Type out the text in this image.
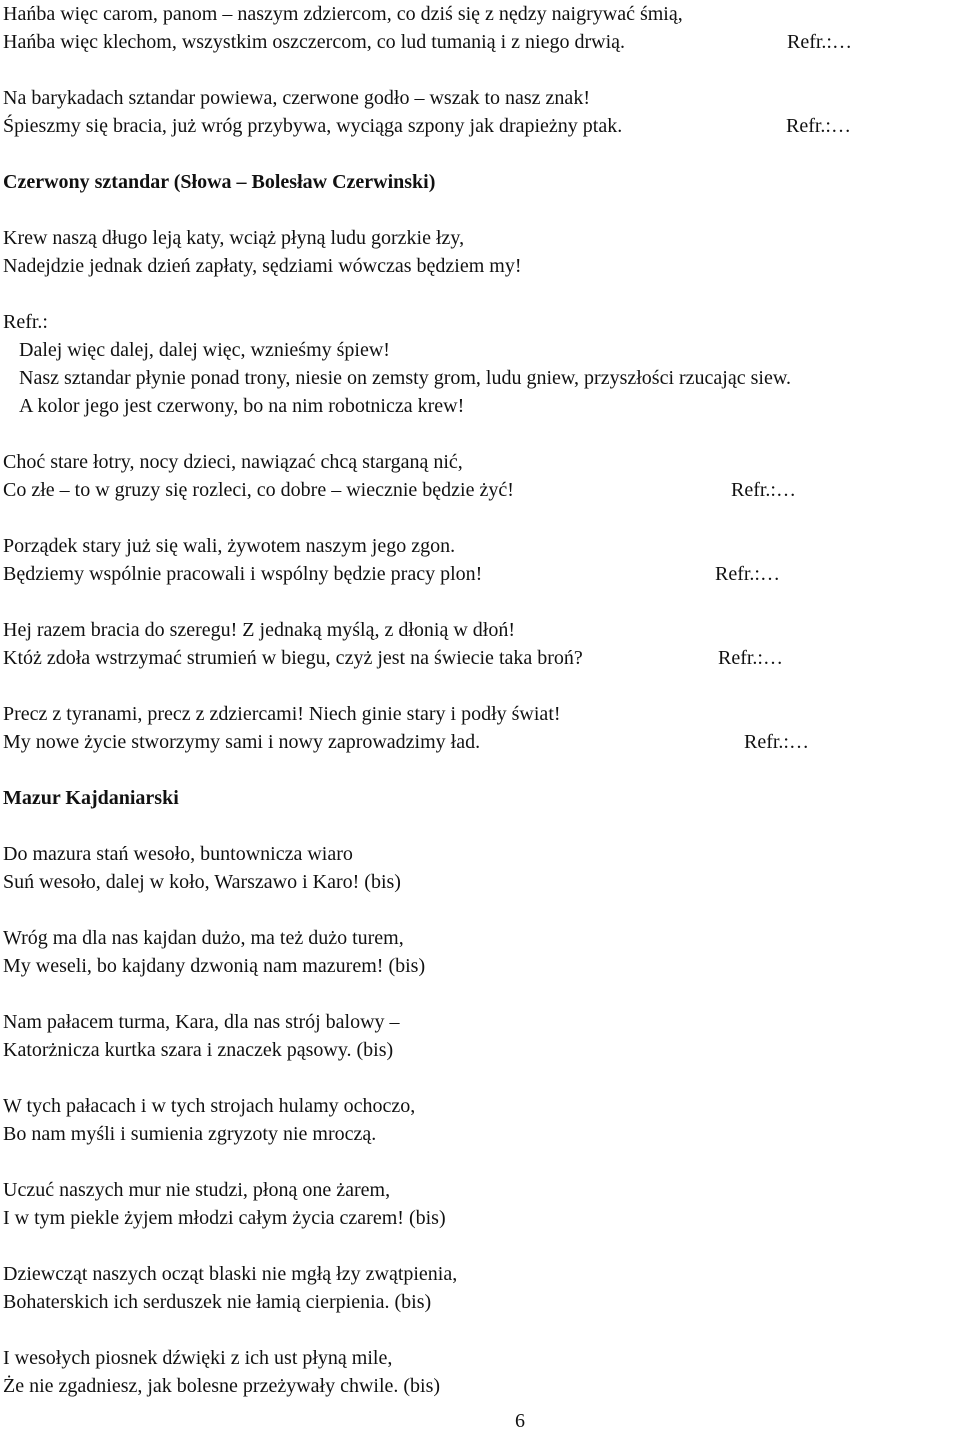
Hańba więc carom, panom – naszym zdziercom, co dziś się z nędzy naigrywać śmią,
Hańba więc klechom, wszystkim oszczercom, co lud tumanią i z niego drwią.	Refr.:…
Na barykadach sztandar powiewa, czerwone godło – wszak to nasz znak!
Śpieszmy się bracia, już wróg przybywa, wyciąga szpony jak drapieżny ptak.	Refr.:…
Czerwony sztandar (Słowa – Bolesław Czerwinski)
Krew naszą długo leją katy, wciąż płyną ludu gorzkie łzy,
Nadejdzie jednak dzień zapłaty, sędziami wówczas będziem my!
Refr.:
Dalej więc dalej, dalej więc, wznieśmy śpiew!
Nasz sztandar płynie ponad trony, niesie on zemsty grom, ludu gniew, przyszłości rzucając siew.
A kolor jego jest czerwony, bo na nim robotnicza krew!
Choć stare łotry, nocy dzieci, nawiązać chcą starganą nić,
Co złe – to w gruzy się rozleci, co dobre – wiecznie będzie żyć!	Refr.:…
Porządek stary już się wali, żywotem naszym jego zgon.
Będziemy wspólnie pracowali i wspólny będzie pracy plon!	Refr.:…
Hej razem bracia do szeregu! Z jednaką myślą, z dłonią w dłoń!
Któż zdoła wstrzymać strumień w biegu, czyż jest na świecie taka broń?	Refr.:…
Precz z tyranami, precz z zdziercami! Niech ginie stary i podły świat!
My nowe życie stworzymy sami i nowy zaprowadzimy ład.	Refr.:…
Mazur Kajdaniarski
Do mazura stań wesoło, buntownicza wiaro
Suń wesoło, dalej w koło, Warszawo i Karo! (bis)
Wróg ma dla nas kajdan dużo, ma też dużo turem,
My weseli, bo kajdany dzwonią nam mazurem! (bis)
Nam pałacem turma, Kara, dla nas strój balowy –
Katorżnicza kurtka szara i znaczek pąsowy. (bis)
W tych pałacach i w tych strojach hulamy ochoczo,
Bo nam myśli i sumienia zgryzoty nie mroczą.
Uczuć naszych mur nie studzi, płoną one żarem,
I w tym piekle żyjem młodzi całym życia czarem! (bis)
Dziewcząt naszych ocząt blaski nie mgłą łzy zwątpienia,
Bohaterskich ich serduszek nie łamią cierpienia. (bis)
I wesołych piosnek dźwięki z ich ust płyną mile,
Że nie zgadniesz, jak bolesne przeżywały chwile. (bis)
6
